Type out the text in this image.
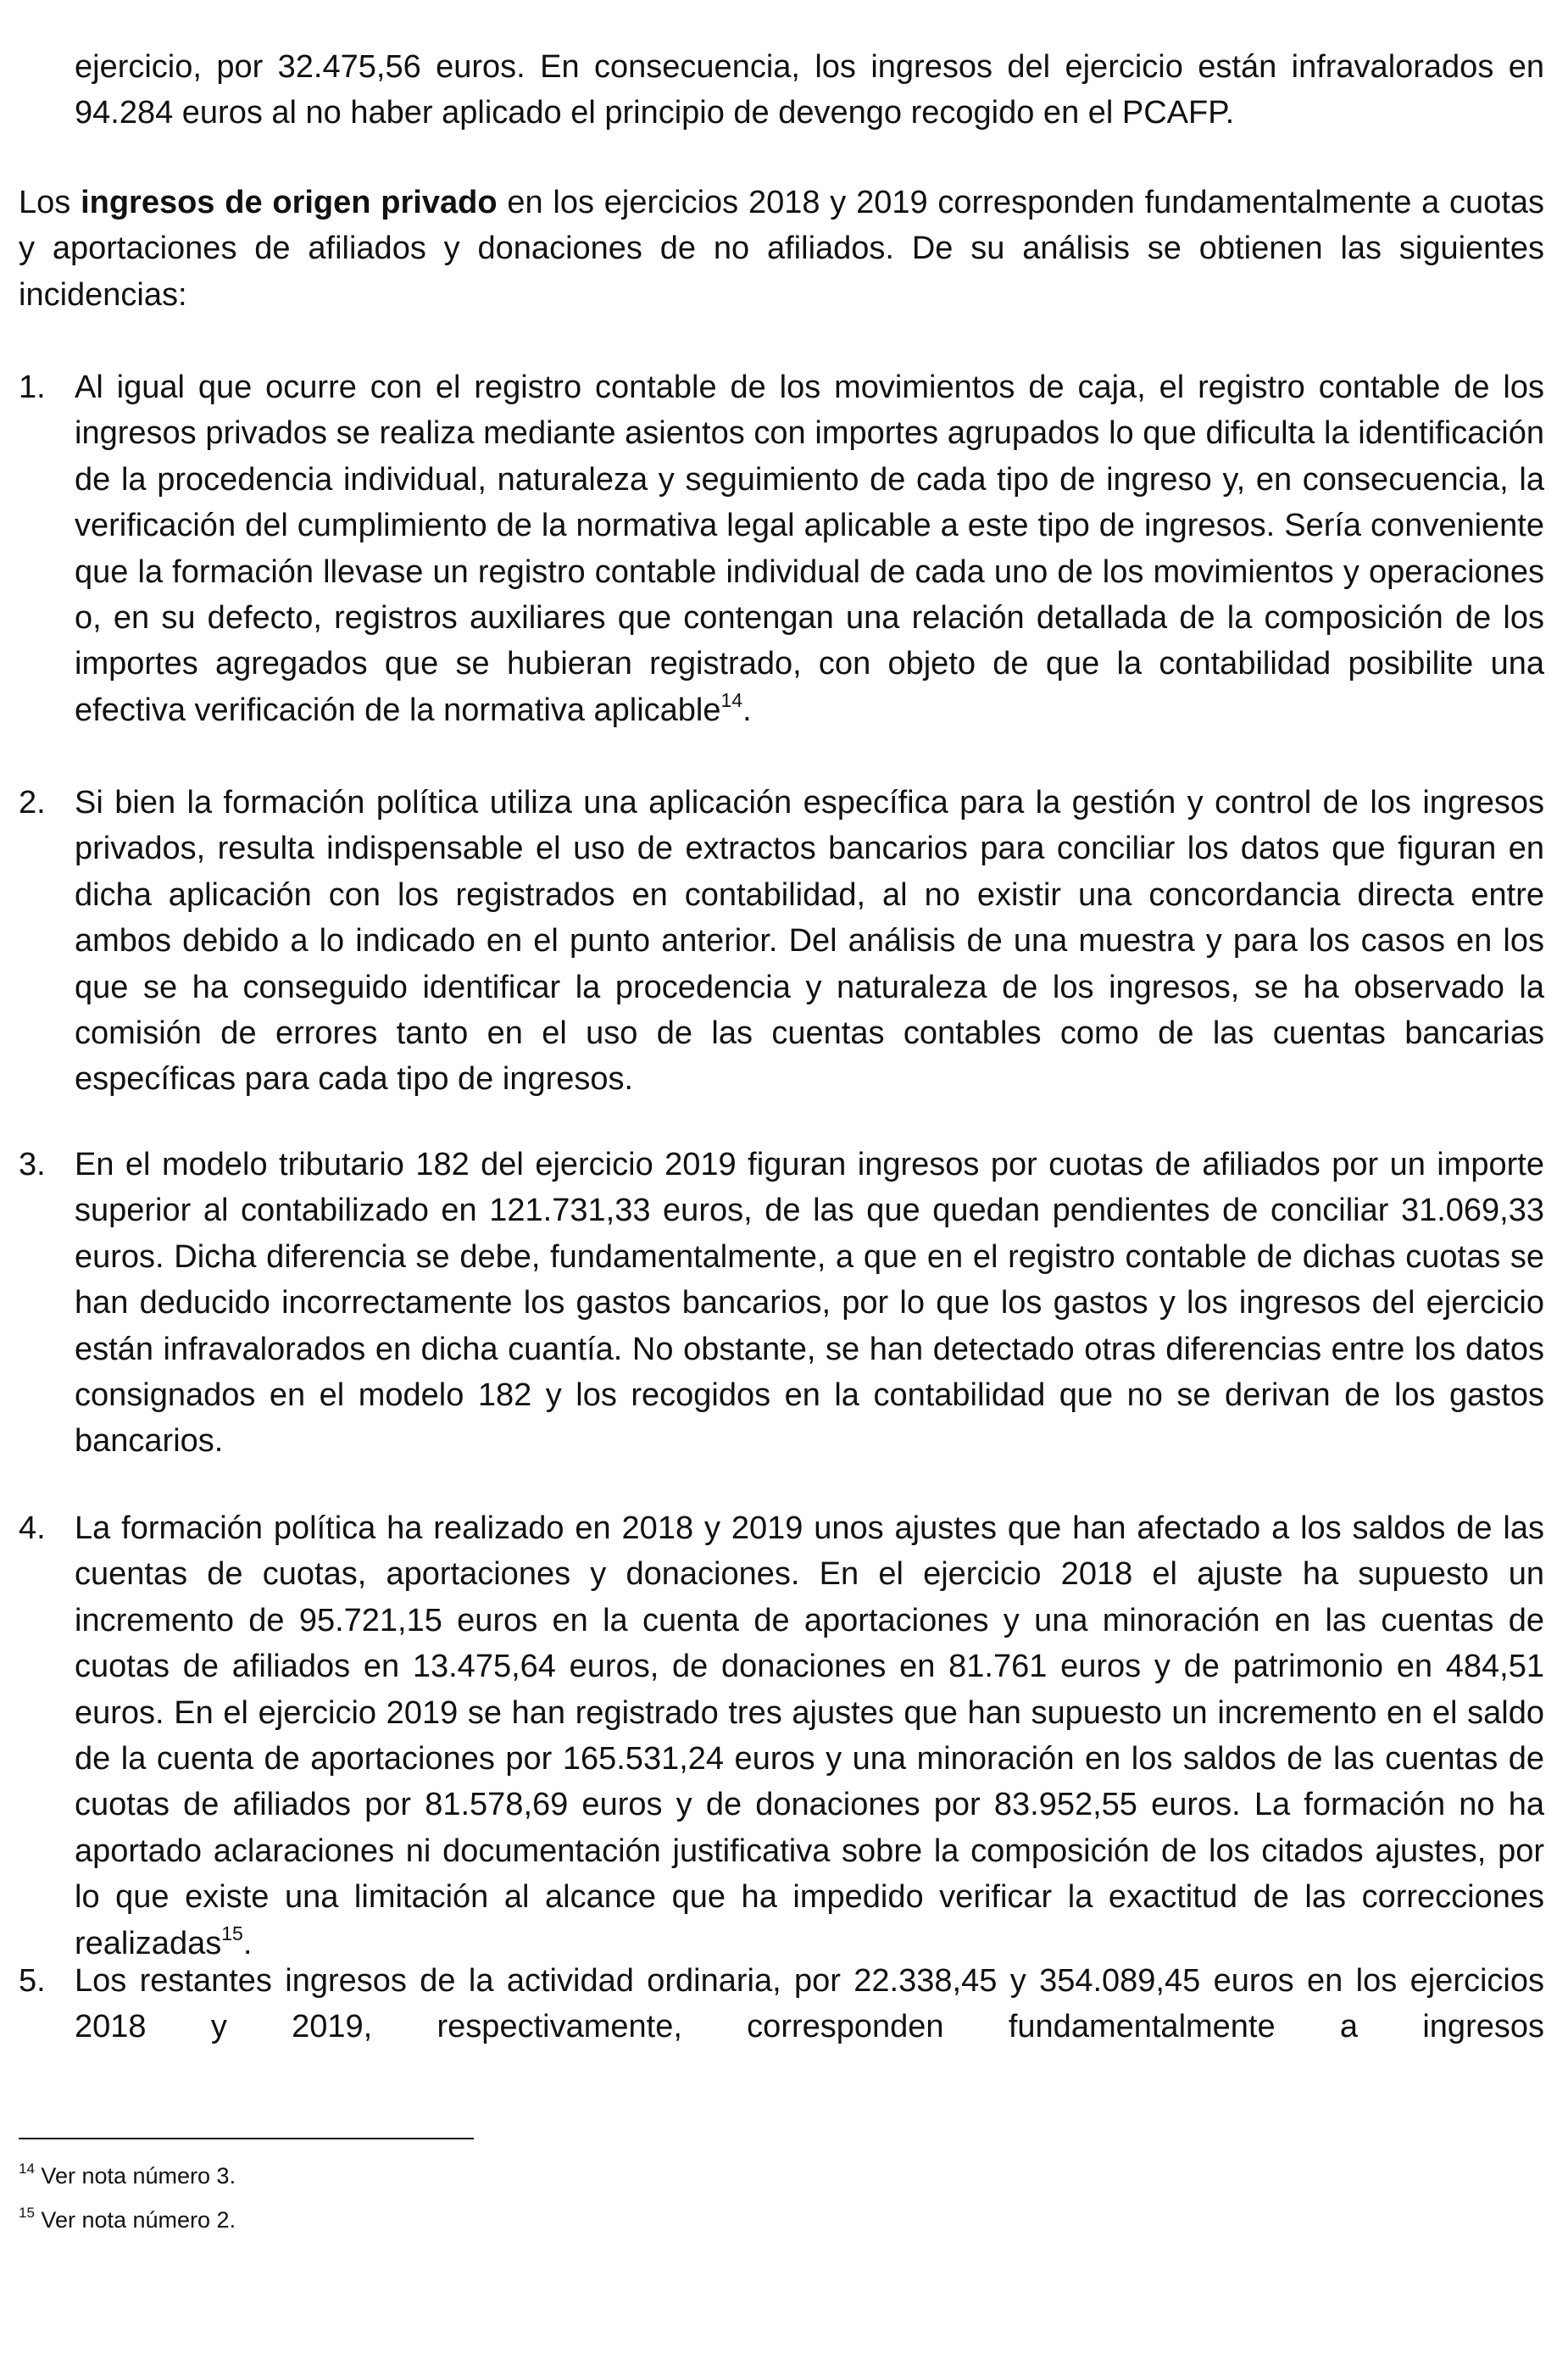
ejercicio, por 32.475,56 euros. En consecuencia, los ingresos del ejercicio están infravalorados en 94.284 euros al no haber aplicado el principio de devengo recogido en el PCAFP.

Los ingresos de origen privado en los ejercicios 2018 y 2019 corresponden fundamentalmente a cuotas y aportaciones de afiliados y donaciones de no afiliados. De su análisis se obtienen las siguientes incidencias:

1. Al igual que ocurre con el registro contable de los movimientos de caja, el registro contable de los ingresos privados se realiza mediante asientos con importes agrupados lo que dificulta la identificación de la procedencia individual, naturaleza y seguimiento de cada tipo de ingreso y, en consecuencia, la verificación del cumplimiento de la normativa legal aplicable a este tipo de ingresos. Sería conveniente que la formación llevase un registro contable individual de cada uno de los movimientos y operaciones o, en su defecto, registros auxiliares que contengan una relación detallada de la composición de los importes agregados que se hubieran registrado, con objeto de que la contabilidad posibilite una efectiva verificación de la normativa aplicable$^{14}$.

2. Si bien la formación política utiliza una aplicación específica para la gestión y control de los ingresos privados, resulta indispensable el uso de extractos bancarios para conciliar los datos que figuran en dicha aplicación con los registrados en contabilidad, al no existir una concordancia directa entre ambos debido a lo indicado en el punto anterior. Del análisis de una muestra y para los casos en los que se ha conseguido identificar la procedencia y naturaleza de los ingresos, se ha observado la comisión de errores tanto en el uso de las cuentas contables como de las cuentas bancarias específicas para cada tipo de ingresos.

3. En el modelo tributario 182 del ejercicio 2019 figuran ingresos por cuotas de afiliados por un importe superior al contabilizado en 121.731,33 euros, de las que quedan pendientes de conciliar 31.069,33 euros. Dicha diferencia se debe, fundamentalmente, a que en el registro contable de dichas cuotas se han deducido incorrectamente los gastos bancarios, por lo que los gastos y los ingresos del ejercicio están infravalorados en dicha cuantía. No obstante, se han detectado otras diferencias entre los datos consignados en el modelo 182 y los recogidos en la contabilidad que no se derivan de los gastos bancarios.

4. La formación política ha realizado en 2018 y 2019 unos ajustes que han afectado a los saldos de las cuentas de cuotas, aportaciones y donaciones. En el ejercicio 2018 el ajuste ha supuesto un incremento de 95.721,15 euros en la cuenta de aportaciones y una minoración en las cuentas de cuotas de afiliados en 13.475,64 euros, de donaciones en 81.761 euros y de patrimonio en 484,51 euros. En el ejercicio 2019 se han registrado tres ajustes que han supuesto un incremento en el saldo de la cuenta de aportaciones por 165.531,24 euros y una minoración en los saldos de las cuentas de cuotas de afiliados por 81.578,69 euros y de donaciones por 83.952,55 euros. La formación no ha aportado aclaraciones ni documentación justificativa sobre la composición de los citados ajustes, por lo que existe una limitación al alcance que ha impedido verificar la exactitud de las correcciones realizadas$^{15}$.

5. Los restantes ingresos de la actividad ordinaria, por 22.338,45 y 354.089,45 euros en los ejercicios 2018 y 2019, respectivamente, corresponden fundamentalmente a ingresos

$^{14}$ Ver nota número 3.
$^{15}$ Ver nota número 2.
